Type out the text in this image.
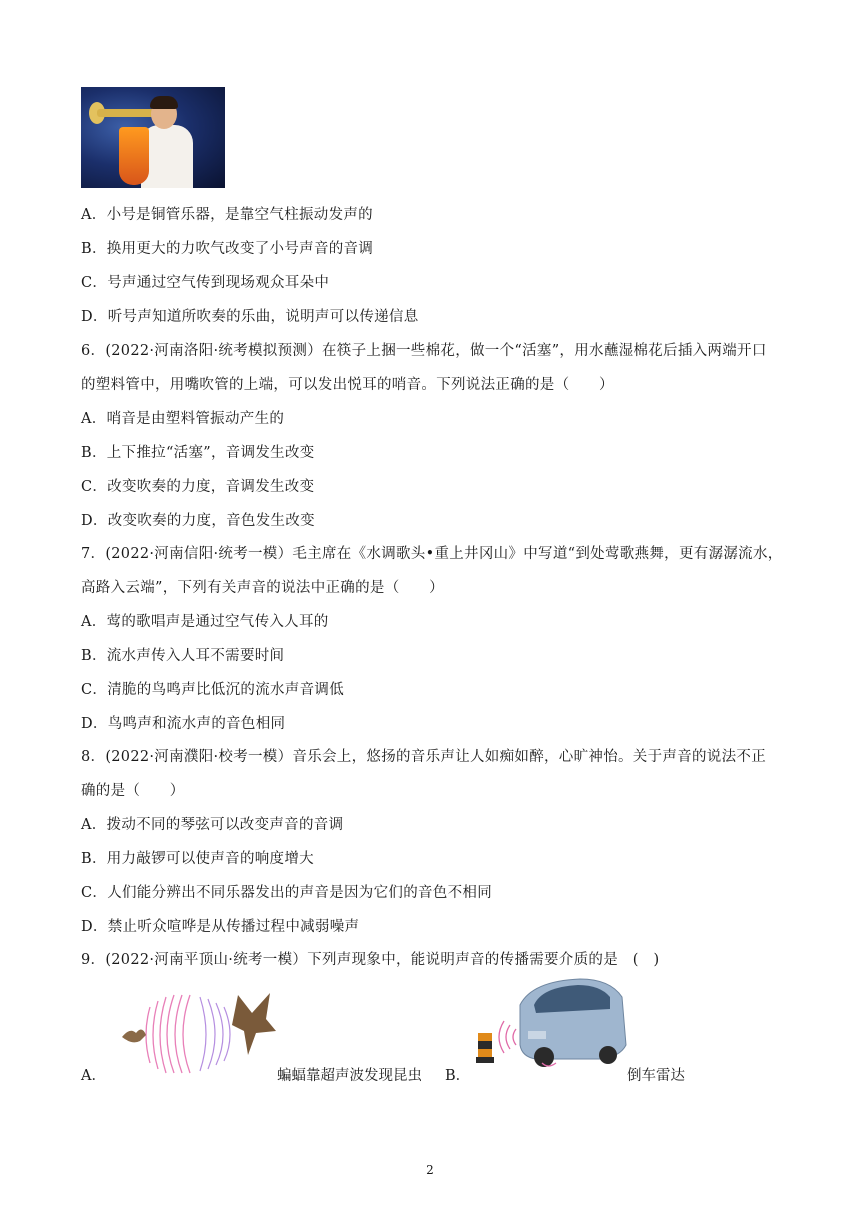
A．小号是铜管乐器，是靠空气柱振动发声的
B．换用更大的力吹气改变了小号声音的音调
C．号声通过空气传到现场观众耳朵中
D．听号声知道所吹奏的乐曲，说明声可以传递信息
6．(2022·河南洛阳·统考模拟预测）在筷子上捆一些棉花，做一个“活塞”，用水蘸湿棉花后插入两端开口
的塑料管中，用嘴吹管的上端，可以发出悦耳的哨音。下列说法正确的是（　　）
A．哨音是由塑料管振动产生的
B．上下推拉“活塞”，音调发生改变
C．改变吹奏的力度，音调发生改变
D．改变吹奏的力度，音色发生改变
7．(2022·河南信阳·统考一模）毛主席在《水调歌头•重上井冈山》中写道“到处莺歌燕舞，更有潺潺流水，
高路入云端”，下列有关声音的说法中正确的是（　　）
A．莺的歌唱声是通过空气传入人耳的
B．流水声传入人耳不需要时间
C．清脆的鸟鸣声比低沉的流水声音调低
D．鸟鸣声和流水声的音色相同
8．(2022·河南濮阳·校考一模）音乐会上，悠扬的音乐声让人如痴如醉，心旷神怡。关于声音的说法不正
确的是（　　）
A．拨动不同的琴弦可以改变声音的音调
B．用力敲锣可以使声音的响度增大
C．人们能分辨出不同乐器发出的声音是因为它们的音色不相同
D．禁止听众喧哗是从传播过程中减弱噪声
9．(2022·河南平顶山·统考一模）下列声现象中，能说明声音的传播需要介质的是　(　)
A．	蝙蝠靠超声波发现昆虫 B．	倒车雷达
2
